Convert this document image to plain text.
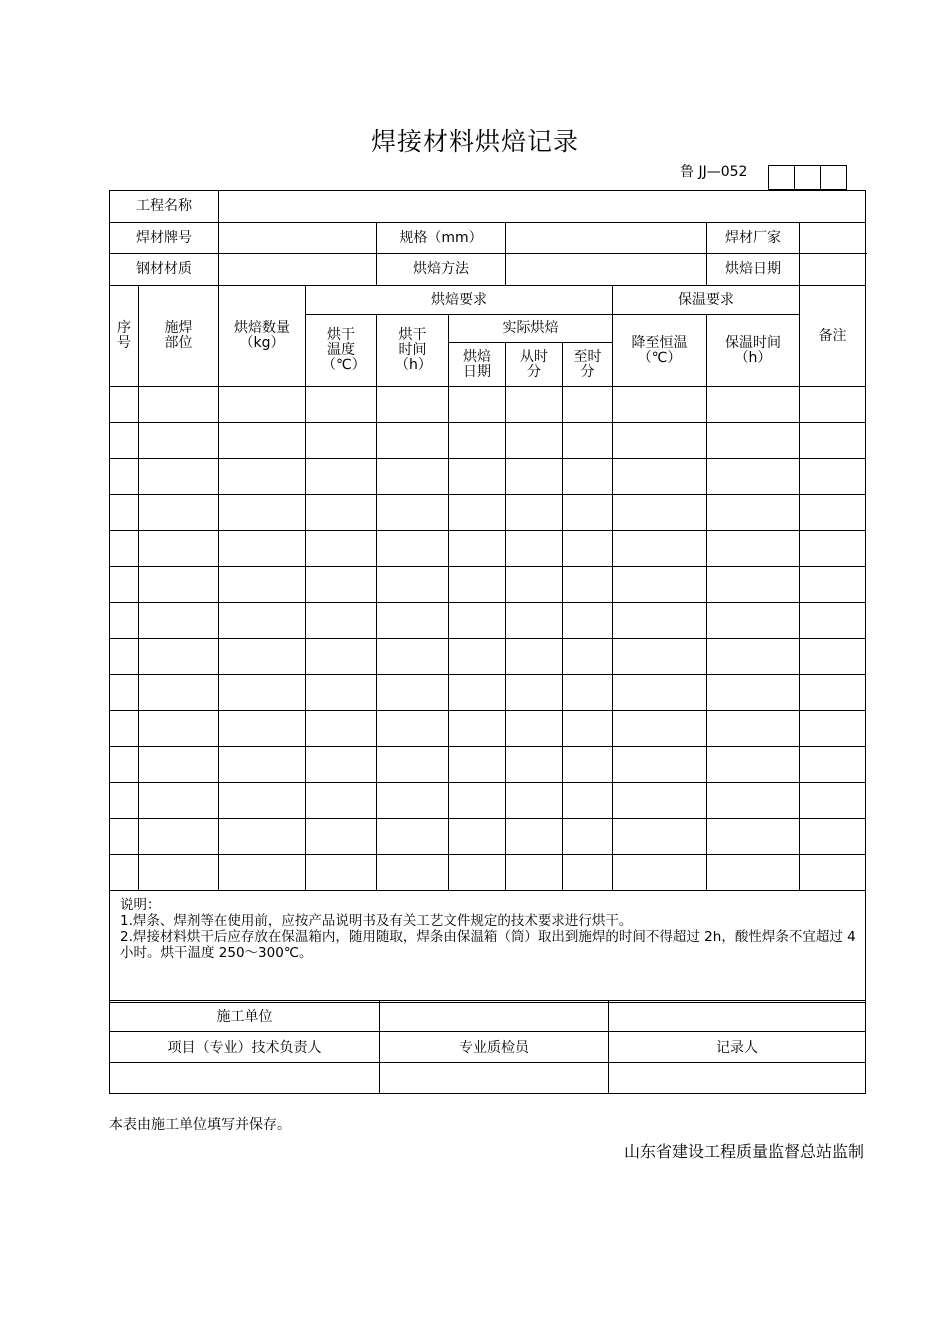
焊接材料烘焙记录
鲁 JJ—052

工程名称										
焊材牌号				规格（mm）					焊材厂家	
钢材材质				烘焙方法					烘焙日期	
序号	施焊部位	烘焙数量（kg）	烘焙要求					保温要求		备注
			烘干温度（℃）	烘干时间（h）	实际烘焙			降至恒温（℃）	保温时间（h）	
					烘焙日期	从时分	至时分			

说明：
1.焊条、焊剂等在使用前，应按产品说明书及有关工艺文件规定的技术要求进行烘干。
2.焊接材料烘干后应存放在保温箱内，随用随取，焊条由保温箱（筒）取出到施焊的时间不得超过 2h，酸性焊条不宜超过 4 小时。烘干温度 250～300℃。										
施工单位		
项目（专业）技术负责人	专业质检员	记录人

本表由施工单位填写并保存。
山东省建设工程质量监督总站监制
